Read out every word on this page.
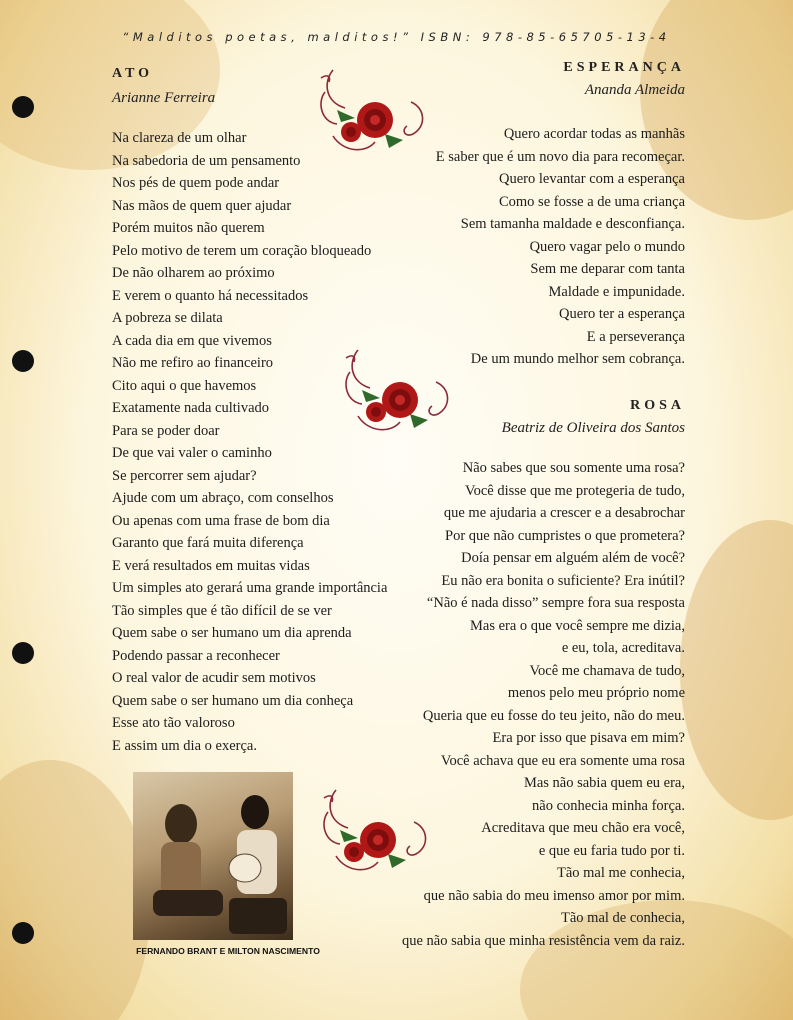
“Malditos poetas, malditos!” ISBN: 978-85-65705-13-4
ATO
Arianne Ferreira
Na clareza de um olhar
Na sabedoria de um pensamento
Nos pés de quem pode andar
Nas mãos de quem quer ajudar
Porém muitos não querem
Pelo motivo de terem um coração bloqueado
De não olharem ao próximo
E verem o quanto há necessitados
A pobreza se dilata
A cada dia em que vivemos
Não me refiro ao financeiro
Cito aqui o que havemos
Exatamente nada cultivado
Para se poder doar
De que vai valer o caminho
Se percorrer sem ajudar?
Ajude com um abraço, com conselhos
Ou apenas com uma frase de bom dia
Garanto que fará muita diferença
E verá resultados em muitas vidas
Um simples ato gerará uma grande importância
Tão simples que é tão difícil de se ver
Quem sabe o ser humano um dia aprenda
Podendo passar a reconhecer
O real valor de acudir sem motivos
Quem sabe o ser humano um dia conheça
Esse ato tão valoroso
E assim um dia o exerça.
ESPERANÇA
Ananda Almeida
Quero acordar todas as manhãs
E saber que é um novo dia para recomeçar.
Quero levantar com a esperança
Como se fosse a de uma criança
Sem tamanha maldade e desconfiança.
Quero vagar pelo o mundo
Sem me deparar com tanta
Maldade e impunidade.
Quero ter a esperança
E a perseverança
De um mundo melhor sem cobrança.
ROSA
Beatriz de Oliveira dos Santos
Não sabes que sou somente uma rosa?
Você disse que me protegeria de tudo,
que me ajudaria a crescer e a desabrochar
Por que não cumpristes o que prometera?
Doía pensar em alguém além de você?
Eu não era bonita o suficiente? Era inútil?
“Não é nada disso” sempre fora sua resposta
Mas era o que você sempre me dizia,
e eu, tola, acreditava.
Você me chamava de tudo,
menos pelo meu próprio nome
Queria que eu fosse do teu jeito, não do meu.
Era por isso que pisava em mim?
Você achava que eu era somente uma rosa
Mas não sabia quem eu era,
não conhecia minha força.
Acreditava que meu chão era você,
e que eu faria tudo por ti.
Tão mal me conhecia,
que não sabia do meu imenso amor por mim.
Tão mal de conhecia,
que não sabia que minha resistência vem da raiz.
FERNANDO BRANT E MILTON NASCIMENTO
